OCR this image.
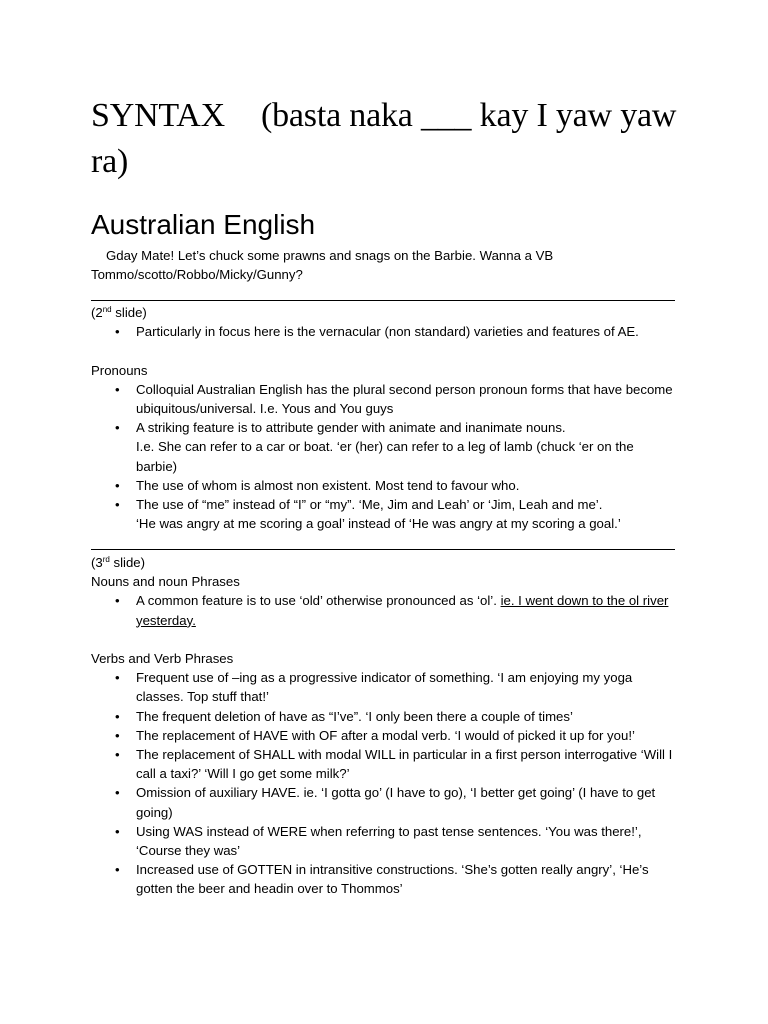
SYNTAX (basta naka ___ kay I yaw yaw ra)
Australian English
Gday Mate! Let’s chuck some prawns and snags on the Barbie. Wanna a VB
Tommo/scotto/Robbo/Micky/Gunny?

(2nd slide)

• Particularly in focus here is the vernacular (non standard) varieties and features of AE.

Pronouns

• Colloquial Australian English has the plural second person pronoun forms that have become ubiquitous/universal. I.e. Yous and You guys
• A striking feature is to attribute gender with animate and inanimate nouns.
I.e. She can refer to a car or boat. ‘er (her) can refer to a leg of lamb (chuck ‘er on the barbie)
• The use of whom is almost non existent. Most tend to favour who.
• The use of “me” instead of “I” or “my”. ‘Me, Jim and Leah’ or ‘Jim, Leah and me’.
‘He was angry at me scoring a goal’ instead of ‘He was angry at my scoring a goal.’

(3rd slide)

Nouns and noun Phrases

• A common feature is to use ‘old’ otherwise pronounced as ‘ol’. ie. I went down to the ol river yesterday.

Verbs and Verb Phrases

• Frequent use of –ing as a progressive indicator of something. ‘I am enjoying my yoga classes. Top stuff that!’
• The frequent deletion of have as “I’ve”. ‘I only been there a couple of times’
• The replacement of HAVE with OF after a modal verb. ‘I would of picked it up for you!’
• The replacement of SHALL with modal WILL in particular in a first person interrogative ‘Will I call a taxi?’ ‘Will I go get some milk?’
• Omission of auxiliary HAVE. ie. ‘I gotta go’ (I have to go), ‘I better get going’ (I have to get going)
• Using WAS instead of WERE when referring to past tense sentences. ‘You was there!’, ‘Course they was’
• Increased use of GOTTEN in intransitive constructions. ‘She’s gotten really angry’, ‘He’s gotten the beer and headin over to Thommos’
